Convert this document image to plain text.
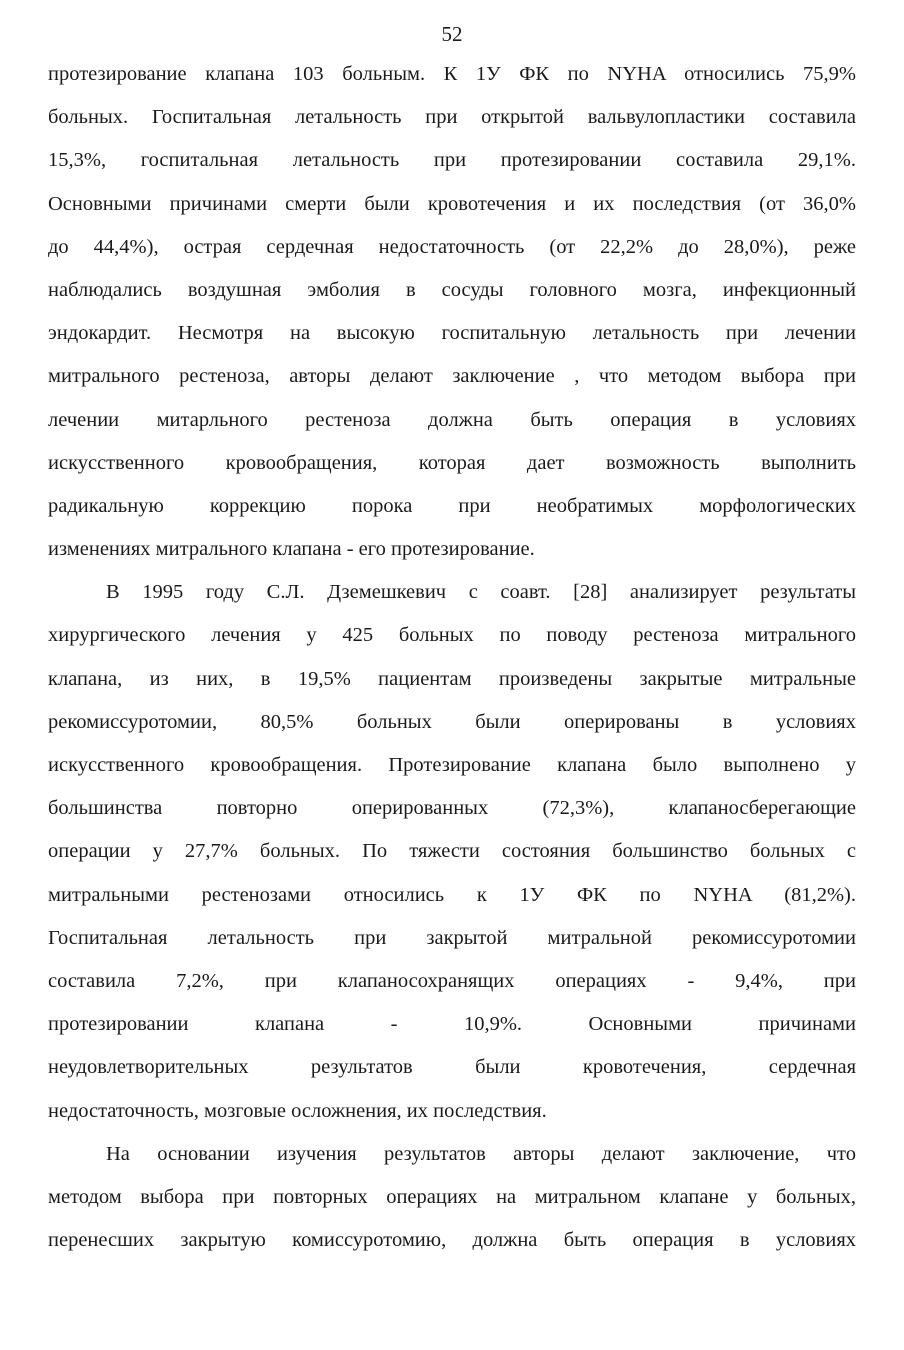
52
протезирование клапана 103 больным. К 1У ФК по NYHA относились 75,9%
больных. Госпитальная летальность при открытой вальвулопластики составила
15,3%, госпитальная летальность при протезировании составила 29,1%.
Основными причинами смерти были кровотечения и их последствия (от 36,0%
до 44,4%), острая сердечная недостаточность (от 22,2% до 28,0%), реже
наблюдались воздушная эмболия в сосуды головного мозга, инфекционный
эндокардит. Несмотря на высокую госпитальную летальность при лечении
митрального рестеноза, авторы делают заключение , что методом выбора при
лечении митарльного рестеноза должна быть операция в условиях
искусственного кровообращения, которая дает возможность выполнить
радикальную коррекцию порока при необратимых морфологических
изменениях митрального клапана - его протезирование.
В 1995 году С.Л. Дземешкевич с соавт. [28] анализирует результаты
хирургического лечения у 425 больных по поводу рестеноза митрального
клапана, из них, в 19,5% пациентам произведены закрытые митральные
рекомиссуротомии, 80,5% больных были оперированы в условиях
искусственного кровообращения. Протезирование клапана было выполнено у
большинства повторно оперированных (72,3%), клапаносберегающие
операции у 27,7% больных. По тяжести состояния большинство больных с
митральными рестенозами относились к 1У ФК по NYHA (81,2%).
Госпитальная летальность при закрытой митральной рекомиссуротомии
составила 7,2%, при клапаносохранящих операциях - 9,4%, при
протезировании клапана - 10,9%. Основными причинами
неудовлетворительных результатов были кровотечения, сердечная
недостаточность, мозговые осложнения, их последствия.
На основании изучения результатов авторы делают заключение, что
методом выбора при повторных операциях на митральном клапане у больных,
перенесших закрытую комиссуротомию, должна быть операция в условиях
